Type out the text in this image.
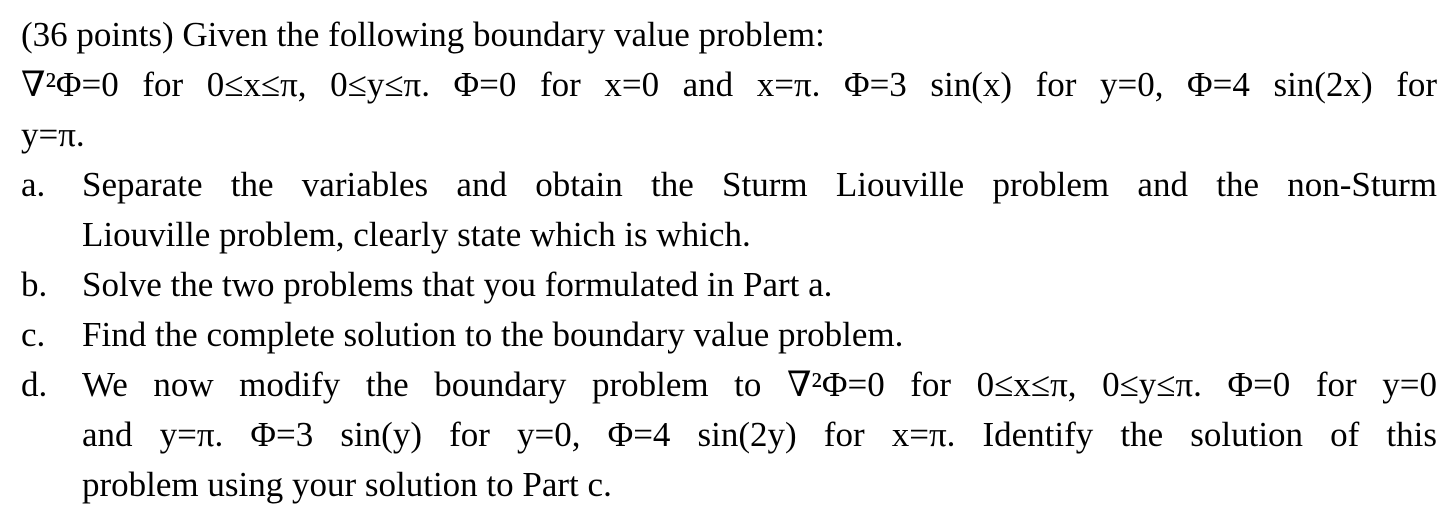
(36 points) Given the following boundary value problem:
∇²Φ=0 for 0≤x≤π, 0≤y≤π. Φ=0 for x=0 and x=π. Φ=3 sin(x) for y=0, Φ=4 sin(2x) for
y=π.
a.	Separate the variables and obtain the Sturm Liouville problem and the non-Sturm
Liouville problem, clearly state which is which.
b. Solve the two problems that you formulated in Part a.
c.	Find the complete solution to the boundary value problem.
d. We now modify the boundary problem to ∇²Φ=0 for 0≤x≤π, 0≤y≤π. Φ=0 for y=0
and y=π. Φ=3 sin(y) for y=0, Φ=4 sin(2y) for x=π. Identify the solution of this
problem using your solution to Part c.
